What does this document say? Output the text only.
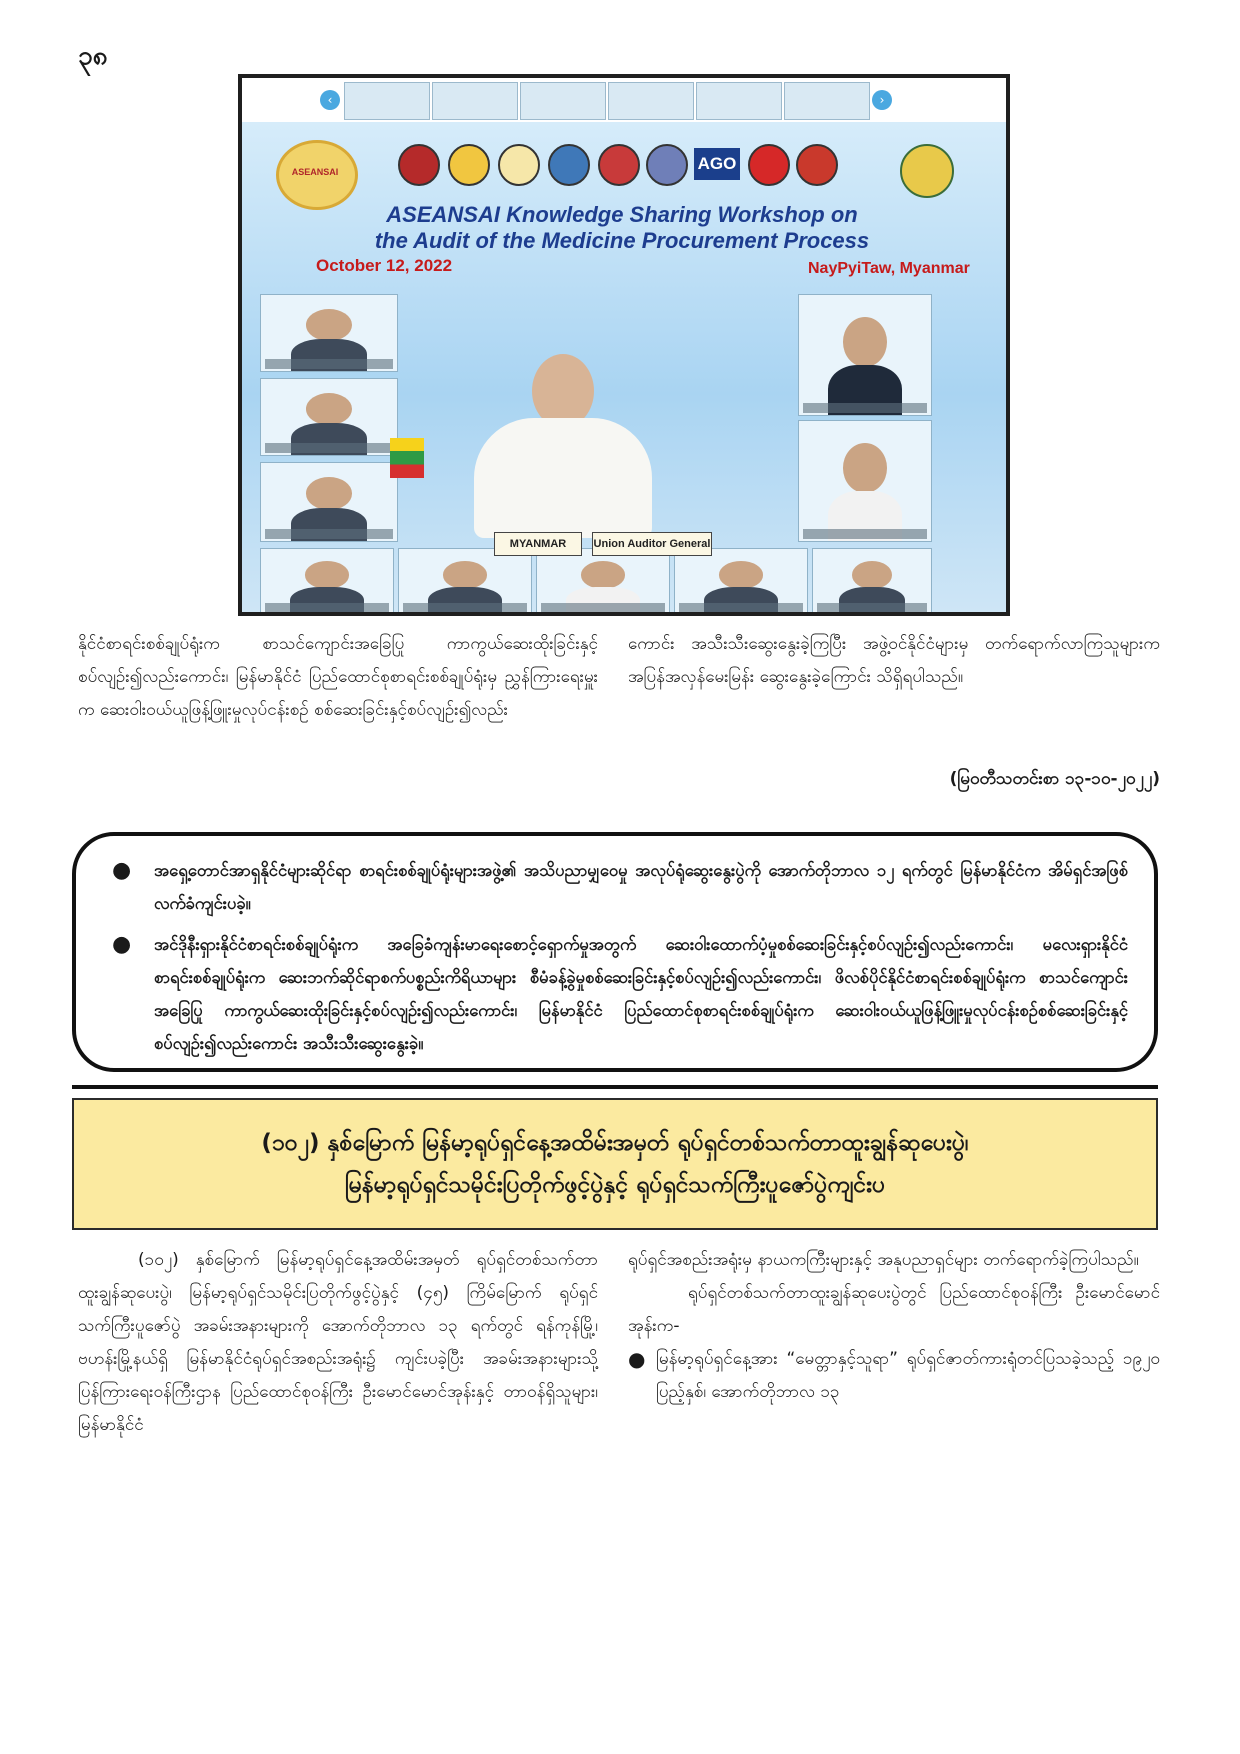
၃၈
‹	›
ASEANSAI	AGO
ASEANSAI Knowledge Sharing Workshop on
the Audit of the Medicine Procurement Process
October 12, 2022	NayPyiTaw, Myanmar
MYANMAR	Union Auditor General

နိုင်ငံစာရင်းစစ်ချုပ်ရုံးက စာသင်ကျောင်းအခြေပြု ကာကွယ်ဆေးထိုးခြင်းနှင့်စပ်လျဉ်း၍လည်းကောင်း၊ မြန်မာနိုင်ငံ ပြည်ထောင်စုစာရင်းစစ်ချုပ်ရုံးမှ ညွှန်ကြားရေးမှူးက ဆေးဝါးဝယ်ယူဖြန့်ဖြူးမှုလုပ်ငန်းစဉ် စစ်ဆေးခြင်းနှင့်စပ်လျဉ်း၍လည်း

ကောင်း အသီးသီးဆွေးနွေးခဲ့ကြပြီး အဖွဲ့ဝင်နိုင်ငံများမှ တက်ရောက်လာကြသူများက အပြန်အလှန်မေးမြန်း ဆွေးနွေးခဲ့ကြောင်း သိရှိရပါသည်။

(မြဝတီသတင်းစာ ၁၃-၁၀-၂၀၂၂)
● အရှေ့တောင်အာရှနိုင်ငံများဆိုင်ရာ စာရင်းစစ်ချုပ်ရုံးများအဖွဲ့၏ အသိပညာမျှဝေမှု အလုပ်ရုံဆွေးနွေးပွဲကို အောက်တိုဘာလ ၁၂ ရက်တွင် မြန်မာနိုင်ငံက အိမ်ရှင်အဖြစ် လက်ခံကျင်းပခဲ့။
● အင်ဒိုနီးရှားနိုင်ငံစာရင်းစစ်ချုပ်ရုံးက အခြေခံကျန်းမာရေးစောင့်ရှောက်မှုအတွက် ဆေးဝါးထောက်ပံ့မှုစစ်ဆေးခြင်းနှင့်စပ်လျဉ်း၍လည်းကောင်း၊ မလေးရှားနိုင်ငံ စာရင်းစစ်ချုပ်ရုံးက ဆေးဘက်ဆိုင်ရာစက်ပစ္စည်းကိရိယာများ စီမံခန့်ခွဲမှုစစ်ဆေးခြင်းနှင့်စပ်လျဉ်း၍လည်းကောင်း၊ ဖိလစ်ပိုင်နိုင်ငံစာရင်းစစ်ချုပ်ရုံးက စာသင်ကျောင်းအခြေပြု ကာကွယ်ဆေးထိုးခြင်းနှင့်စပ်လျဉ်း၍လည်းကောင်း၊ မြန်မာနိုင်ငံ ပြည်ထောင်စုစာရင်းစစ်ချုပ်ရုံးက ဆေးဝါးဝယ်ယူဖြန့်ဖြူးမှုလုပ်ငန်းစဉ်စစ်ဆေးခြင်းနှင့် စပ်လျဉ်း၍လည်းကောင်း အသီးသီးဆွေးနွေးခဲ့။
(၁၀၂) နှစ်မြောက် မြန်မာ့ရုပ်ရှင်နေ့အထိမ်းအမှတ် ရုပ်ရှင်တစ်သက်တာထူးချွန်ဆုပေးပွဲ၊
မြန်မာ့ရုပ်ရှင်သမိုင်းပြတိုက်ဖွင့်ပွဲနှင့် ရုပ်ရှင်သက်ကြီးပူဇော်ပွဲကျင်းပ

(၁၀၂) နှစ်မြောက် မြန်မာ့ရုပ်ရှင်နေ့အထိမ်းအမှတ် ရုပ်ရှင်တစ်သက်တာထူးချွန်ဆုပေးပွဲ၊ မြန်မာ့ရုပ်ရှင်သမိုင်းပြတိုက်ဖွင့်ပွဲနှင့် (၄၅) ကြိမ်မြောက် ရုပ်ရှင်သက်ကြီးပူဇော်ပွဲ အခမ်းအနားများကို အောက်တိုဘာလ ၁၃ ရက်တွင် ရန်ကုန်မြို့၊ ဗဟန်းမြို့နယ်ရှိ မြန်မာနိုင်ငံရုပ်ရှင်အစည်းအရုံး၌ ကျင်းပခဲ့ပြီး အခမ်းအနားများသို့ ပြန်ကြားရေးဝန်ကြီးဌာန ပြည်ထောင်စုဝန်ကြီး ဦးမောင်မောင်အုန်းနှင့် တာဝန်ရှိသူများ၊ မြန်မာနိုင်ငံ

ရုပ်ရှင်အစည်းအရုံးမှ နာယကကြီးများနှင့် အနုပညာရှင်များ တက်ရောက်ခဲ့ကြပါသည်။

ရုပ်ရှင်တစ်သက်တာထူးချွန်ဆုပေးပွဲတွင် ပြည်ထောင်စုဝန်ကြီး ဦးမောင်မောင်အုန်းက-

● မြန်မာ့ရုပ်ရှင်နေ့အား “မေတ္တာနှင့်သူရာ” ရုပ်ရှင်ဇာတ်ကားရုံတင်ပြသခဲ့သည့် ၁၉၂၀ ပြည့်နှစ်၊ အောက်တိုဘာလ ၁၃
